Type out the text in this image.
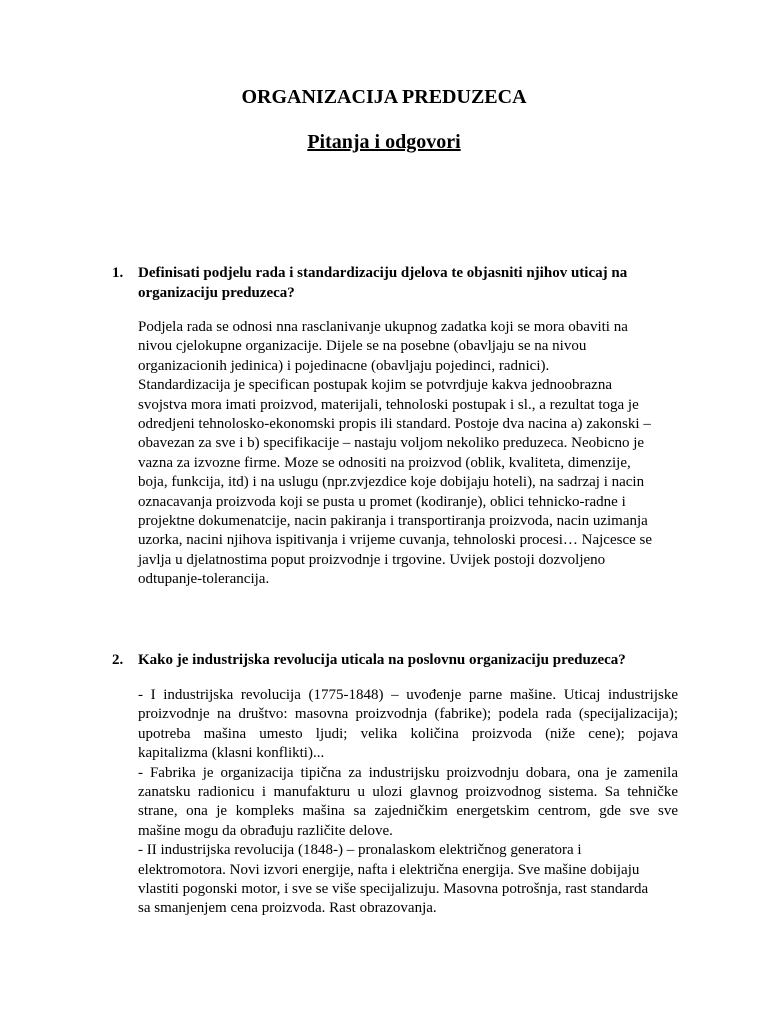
ORGANIZACIJA PREDUZECA
Pitanja i odgovori
1. Definisati podjelu rada i standardizaciju djelova te objasniti njihov uticaj na organizaciju preduzeca?
Podjela rada se odnosi nna rasclanivanje ukupnog zadatka koji se mora obaviti na
nivou cjelokupne organizacije. Dijele se na posebne (obavljaju se na nivou
organizacionih jedinica) i pojedinacne (obavljaju pojedinci, radnici).
Standardizacija je specifican postupak kojim se potvrdjuje kakva jednoobrazna
svojstva mora imati proizvod, materijali, tehnoloski postupak i sl., a rezultat toga je
odredjeni tehnolosko-ekonomski propis ili standard. Postoje dva nacina a) zakonski –
obavezan za sve i b) specifikacije – nastaju voljom nekoliko preduzeca. Neobicno je
vazna za izvozne firme. Moze se odnositi na proizvod (oblik, kvaliteta, dimenzije,
boja, funkcija, itd) i na uslugu (npr.zvjezdice koje dobijaju hoteli), na sadrzaj i nacin
oznacavanja proizvoda koji se pusta u promet (kodiranje), oblici tehnicko-radne i
projektne dokumenatcije, nacin pakiranja i transportiranja proizvoda, nacin uzimanja
uzorka, nacini njihova ispitivanja i vrijeme cuvanja, tehnoloski procesi… Najcesce se
javlja u djelatnostima poput proizvodnje i trgovine. Uvijek postoji dozvoljeno
odtupanje-tolerancija.
2. Kako je industrijska revolucija uticala na poslovnu organizaciju preduzeca?
- I industrijska revolucija (1775-1848) – uvođenje parne mašine. Uticaj industrijske
proizvodnje na društvo: masovna proizvodnja (fabrike); podela rada (specijalizacija);
upotreba mašina umesto ljudi; velika količina proizvoda (niže cene); pojava
kapitalizma (klasni konflikti)...
- Fabrika je organizacija tipična za industrijsku proizvodnju dobara, ona je zamenila
zanatsku radionicu i manufakturu u ulozi glavnog proizvodnog sistema. Sa tehničke
strane, ona je kompleks mašina sa zajedničkim energetskim centrom, gde sve sve
mašine mogu da obrađuju različite delove.
- II industrijska revolucija (1848-) – pronalaskom električnog generatora i
elektromotora. Novi izvori energije, nafta i električna energija. Sve mašine dobijaju
vlastiti pogonski motor, i sve se više specijalizuju. Masovna potrošnja, rast standarda
sa smanjenjem cena proizvoda. Rast obrazovanja.
